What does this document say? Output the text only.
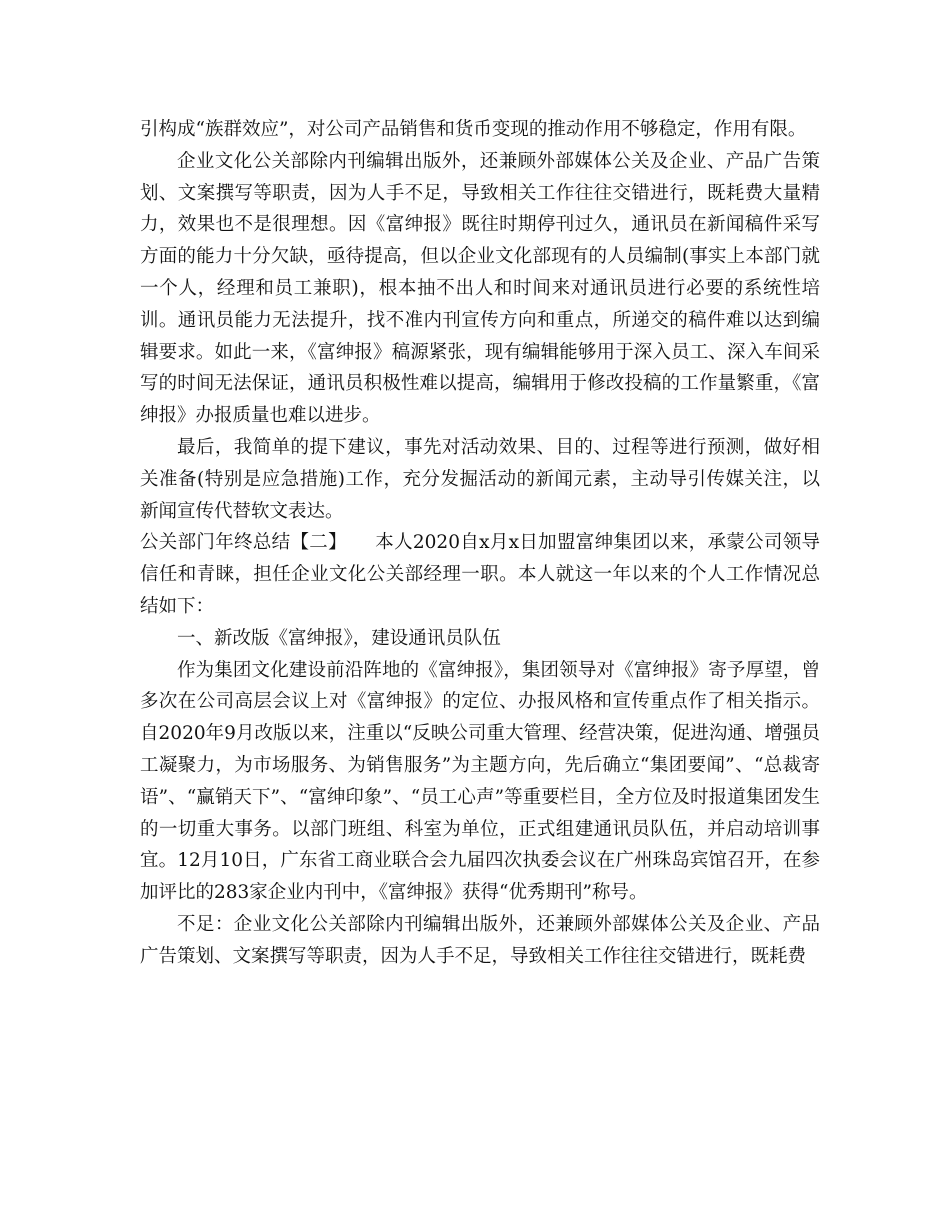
引构成“族群效应”，对公司产品销售和货币变现的推动作用不够稳定，作用有限。

企业文化公关部除内刊编辑出版外，还兼顾外部媒体公关及企业、产品广告策划、文案撰写等职责，因为人手不足，导致相关工作往往交错进行，既耗费大量精力，效果也不是很理想。因《富绅报》既往时期停刊过久，通讯员在新闻稿件采写方面的能力十分欠缺，亟待提高，但以企业文化部现有的人员编制(事实上本部门就一个人，经理和员工兼职)，根本抽不出人和时间来对通讯员进行必要的系统性培训。通讯员能力无法提升，找不准内刊宣传方向和重点，所递交的稿件难以达到编辑要求。如此一来，《富绅报》稿源紧张，现有编辑能够用于深入员工、深入车间采写的时间无法保证，通讯员积极性难以提高，编辑用于修改投稿的工作量繁重，《富绅报》办报质量也难以进步。

最后，我简单的提下建议，事先对活动效果、目的、过程等进行预测，做好相关准备(特别是应急措施)工作，充分发掘活动的新闻元素，主动导引传媒关注，以新闻宣传代替软文表达。

公关部门年终总结【二】　　本人2020自x月x日加盟富绅集团以来，承蒙公司领导信任和青睐，担任企业文化公关部经理一职。本人就这一年以来的个人工作情况总结如下：

一、新改版《富绅报》，建设通讯员队伍

作为集团文化建设前沿阵地的《富绅报》，集团领导对《富绅报》寄予厚望，曾多次在公司高层会议上对《富绅报》的定位、办报风格和宣传重点作了相关指示。自2020年9月改版以来，注重以“反映公司重大管理、经营决策，促进沟通、增强员工凝聚力，为市场服务、为销售服务”为主题方向，先后确立“集团要闻”、“总裁寄语”、“赢销天下”、“富绅印象”、“员工心声”等重要栏目，全方位及时报道集团发生的一切重大事务。以部门班组、科室为单位，正式组建通讯员队伍，并启动培训事宜。12月10日，广东省工商业联合会九届四次执委会议在广州珠岛宾馆召开，在参加评比的283家企业内刊中，《富绅报》获得“优秀期刊”称号。

不足：企业文化公关部除内刊编辑出版外，还兼顾外部媒体公关及企业、产品广告策划、文案撰写等职责，因为人手不足，导致相关工作往往交错进行，既耗费
